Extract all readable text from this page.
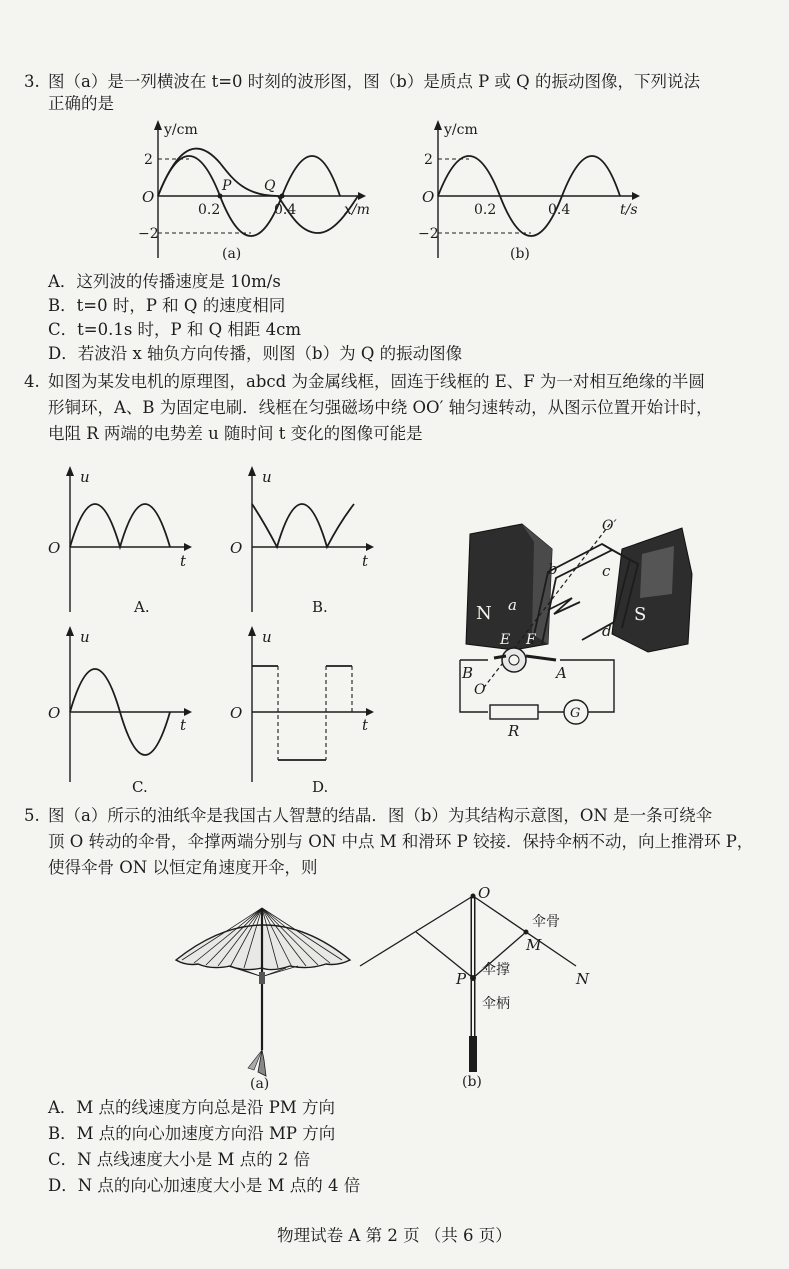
3. 图（a）是一列横波在 t=0 时刻的波形图，图（b）是质点 P 或 Q 的振动图像，下列说法
正确的是
y/cm
x/m
O
2
−2
0.2	0.4
P Q
(a)
y/cm
t/s
O
2
−2
0.2	0.4
(b)
A．这列波的传播速度是 10m/s
B．t=0 时，P 和 Q 的速度相同
C．t=0.1s 时，P 和 Q 相距 4cm
D．若波沿 x 轴负方向传播，则图（b）为 Q 的振动图像
4. 如图为某发电机的原理图，abcd 为金属线框，固连于线框的 E、F 为一对相互绝缘的半圆
形铜环，A、B 为固定电刷．线框在匀强磁场中绕 OO′ 轴匀速转动，从图示位置开始计时，
电阻 R 两端的电势差 u 随时间 t 变化的图像可能是
u
t
O
A.
u
t
O
B.
u
t
O
C.
u
t
O
D.
N	S
a
b	c
d
E F
A
B
O′
O
R
G
5. 图（a）所示的油纸伞是我国古人智慧的结晶．图（b）为其结构示意图，ON 是一条可绕伞
顶 O 转动的伞骨，伞撑两端分别与 ON 中点 M 和滑环 P 铰接．保持伞柄不动，向上推滑环 P，
使得伞骨 ON 以恒定角速度开伞，则
(a)
O
M
N
P
伞骨
伞撑
伞柄
(b)
A．M 点的线速度方向总是沿 PM 方向
B．M 点的向心加速度方向沿 MP 方向
C．N 点线速度大小是 M 点的 2 倍
D．N 点的向心加速度大小是 M 点的 4 倍
物理试卷 A 第 2 页 （共 6 页）
